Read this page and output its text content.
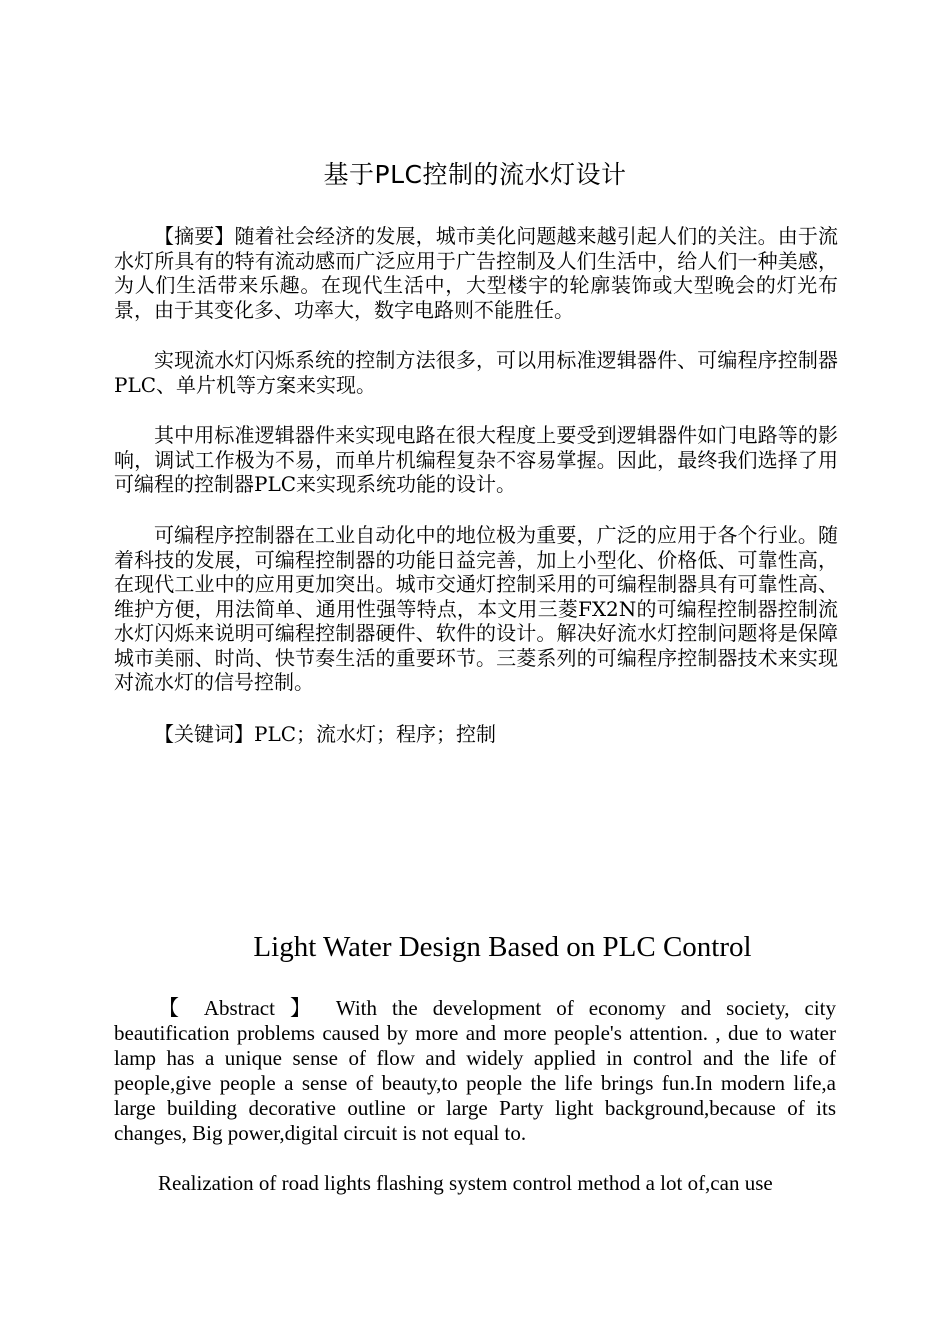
基于PLC控制的流水灯设计

【摘要】随着社会经济的发展，城市美化问题越来越引起人们的关注。由于流水灯所具有的特有流动感而广泛应用于广告控制及人们生活中，给人们一种美感，为人们生活带来乐趣。在现代生活中，大型楼宇的轮廓装饰或大型晚会的灯光布景，由于其变化多、功率大，数字电路则不能胜任。

实现流水灯闪烁系统的控制方法很多，可以用标准逻辑器件、可编程序控制器PLC、单片机等方案来实现。

其中用标准逻辑器件来实现电路在很大程度上要受到逻辑器件如门电路等的影响，调试工作极为不易，而单片机编程复杂不容易掌握。因此，最终我们选择了用可编程的控制器PLC来实现系统功能的设计。

可编程序控制器在工业自动化中的地位极为重要，广泛的应用于各个行业。随着科技的发展，可编程控制器的功能日益完善，加上小型化、价格低、可靠性高，在现代工业中的应用更加突出。城市交通灯控制采用的可编程制器具有可靠性高、维护方便，用法简单、通用性强等特点，本文用三菱FX2N的可编程控制器控制流水灯闪烁来说明可编程控制器硬件、软件的设计。解决好流水灯控制问题将是保障城市美丽、时尚、快节奏生活的重要环节。三菱系列的可编程序控制器技术来实现对流水灯的信号控制。

【关键词】PLC；流水灯；程序；控制

Light Water Design Based on PLC Control

【 Abstract 】 With the development of economy and society, city beautification problems caused by more and more people's attention. , due to water lamp has a unique sense of flow and widely applied in control and the life of people,give people a sense of beauty,to people the life brings fun.In modern life,a large building decorative outline or large Party light background,because of its changes, Big power,digital circuit is not equal to.

Realization of road lights flashing system control method a lot of,can use
